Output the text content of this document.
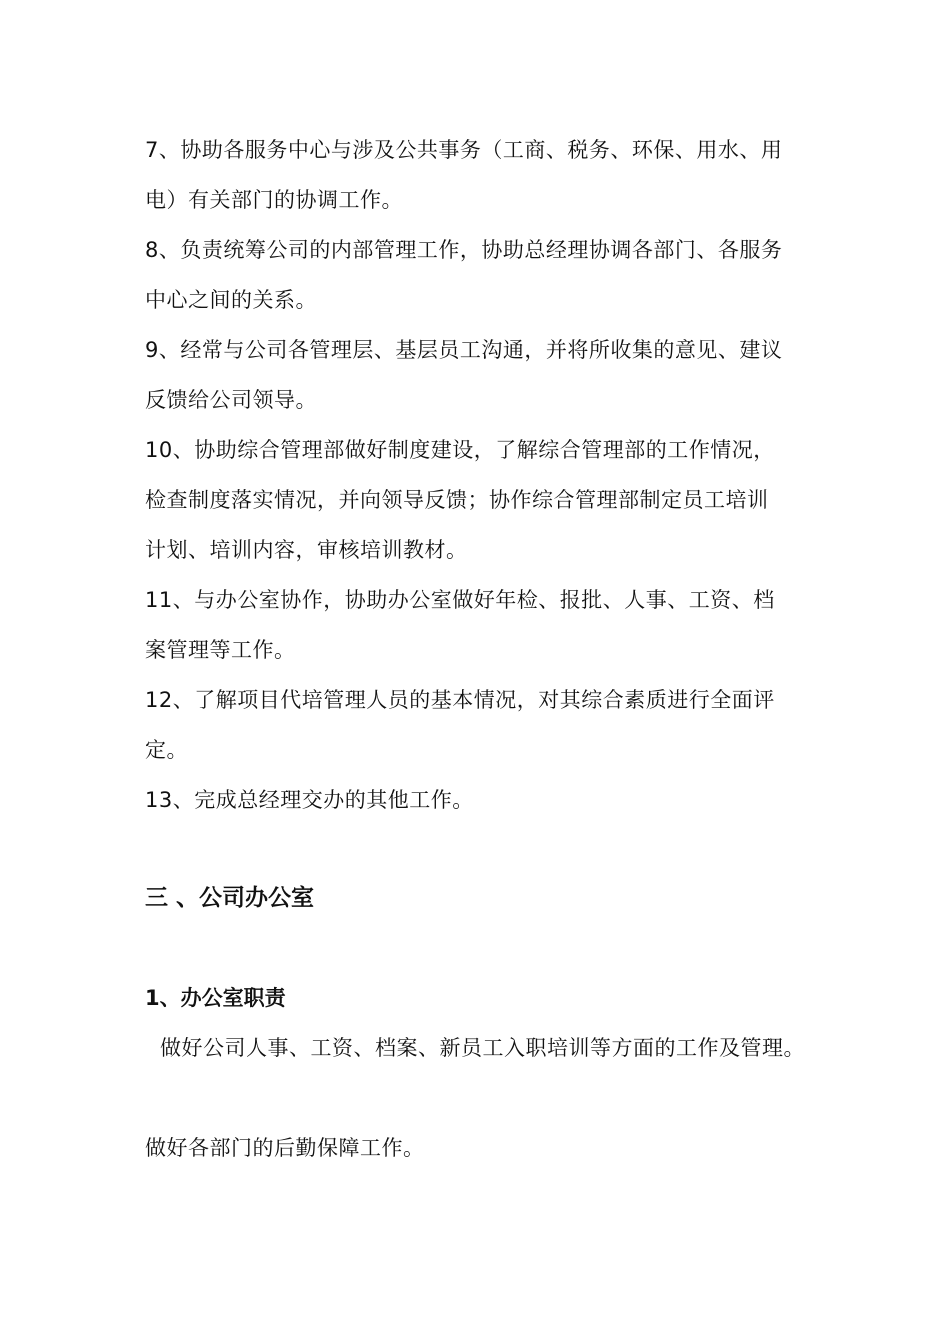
7、协助各服务中心与涉及公共事务（工商、税务、环保、用水、用
电）有关部门的协调工作。
8、负责统筹公司的内部管理工作，协助总经理协调各部门、各服务
中心之间的关系。
9、经常与公司各管理层、基层员工沟通，并将所收集的意见、建议
反馈给公司领导。
10、协助综合管理部做好制度建设，了解综合管理部的工作情况，
检查制度落实情况，并向领导反馈；协作综合管理部制定员工培训
计划、培训内容，审核培训教材。
11、与办公室协作，协助办公室做好年检、报批、人事、工资、档
案管理等工作。
12、了解项目代培管理人员的基本情况，对其综合素质进行全面评
定。
13、完成总经理交办的其他工作。
三 、公司办公室
1、办公室职责
做好公司人事、工资、档案、新员工入职培训等方面的工作及管理。
做好各部门的后勤保障工作。
